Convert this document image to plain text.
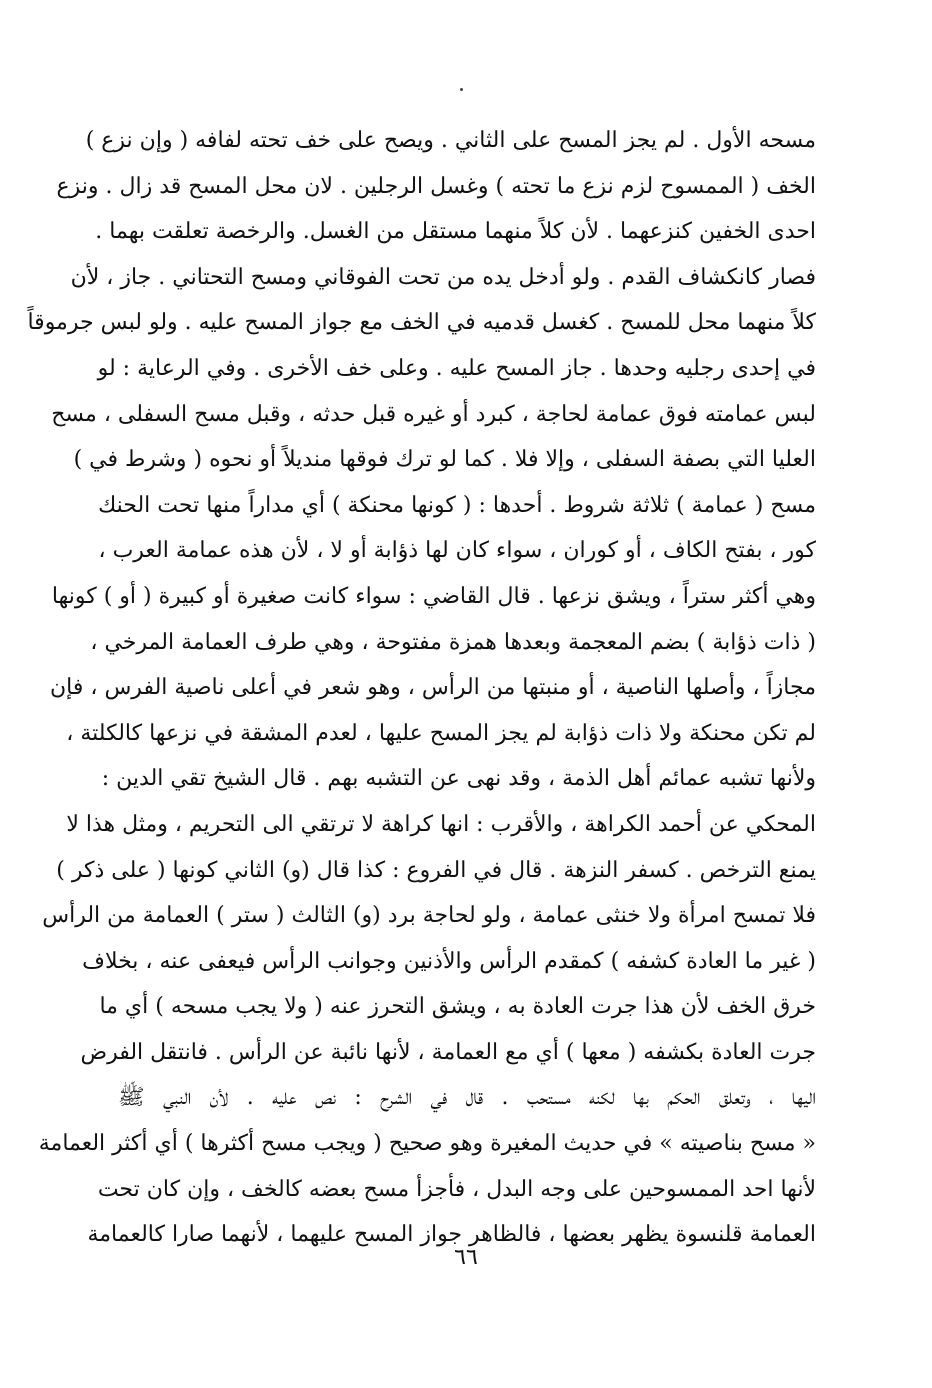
مسحه الأول . لم يجز المسح على الثاني . ويصح على خف تحته لفافه ( وإن نزع )
الخف ( الممسوح لزم نزع ما تحته ) وغسل الرجلين . لان محل المسح قد زال . ونزع
احدى الخفين كنزعهما . لأن كلاً منهما مستقل من الغسل. والرخصة تعلقت بهما .
فصار كانكشاف القدم . ولو أدخل يده من تحت الفوقاني ومسح التحتاني . جاز ، لأن
كلاً منهما محل للمسح . كغسل قدميه في الخف مع جواز المسح عليه . ولو لبس جرموقاً
في إحدى رجليه وحدها . جاز المسح عليه . وعلى خف الأخرى . وفي الرعاية : لو
لبس عمامته فوق عمامة لحاجة ، كبرد أو غيره قبل حدثه ، وقبل مسح السفلى ، مسح
العليا التي بصفة السفلى ، وإلا فلا . كما لو ترك فوقها منديلاً أو نحوه ( وشرط في )
مسح ( عمامة ) ثلاثة شروط . أحدها : ( كونها محنكة ) أي مداراً منها تحت الحنك
كور ، بفتح الكاف ، أو كوران ، سواء كان لها ذؤابة أو لا ، لأن هذه عمامة العرب ،
وهي أكثر ستراً ، ويشق نزعها . قال القاضي : سواء كانت صغيرة أو كبيرة ( أو ) كونها
( ذات ذؤابة ) بضم المعجمة وبعدها همزة مفتوحة ، وهي طرف العمامة المرخي ،
مجازاً ، وأصلها الناصية ، أو منبتها من الرأس ، وهو شعر في أعلى ناصية الفرس ، فإن
لم تكن محنكة ولا ذات ذؤابة لم يجز المسح عليها ، لعدم المشقة في نزعها كالكلتة ،
ولأنها تشبه عمائم أهل الذمة ، وقد نهى عن التشبه بهم . قال الشيخ تقي الدين :
المحكي عن أحمد الكراهة ، والأقرب : انها كراهة لا ترتقي الى التحريم ، ومثل هذا لا
يمنع الترخص . كسفر النزهة . قال في الفروع : كذا قال (و) الثاني كونها ( على ذكر )
فلا تمسح امرأة ولا خنثى عمامة ، ولو لحاجة برد (و) الثالث ( ستر ) العمامة من الرأس
( غير ما العادة كشفه ) كمقدم الرأس والأذنين وجوانب الرأس فيعفى عنه ، بخلاف
خرق الخف لأن هذا جرت العادة به ، ويشق التحرز عنه ( ولا يجب مسحه ) أي ما
جرت العادة بكشفه ( معها ) أي مع العمامة ، لأنها نائبة عن الرأس . فانتقل الفرض
اليها ، وتعلق الحكم بها لكنه مستحب . قال في الشرح : نص عليه . لأن النبي ﷺ
« مسح بناصيته » في حديث المغيرة وهو صحيح ( ويجب مسح أكثرها ) أي أكثر العمامة
لأنها احد الممسوحين على وجه البدل ، فأجزأ مسح بعضه كالخف ، وإن كان تحت
العمامة قلنسوة يظهر بعضها ، فالظاهر جواز المسح عليهما ، لأنهما صارا كالعمامة
٦٦
